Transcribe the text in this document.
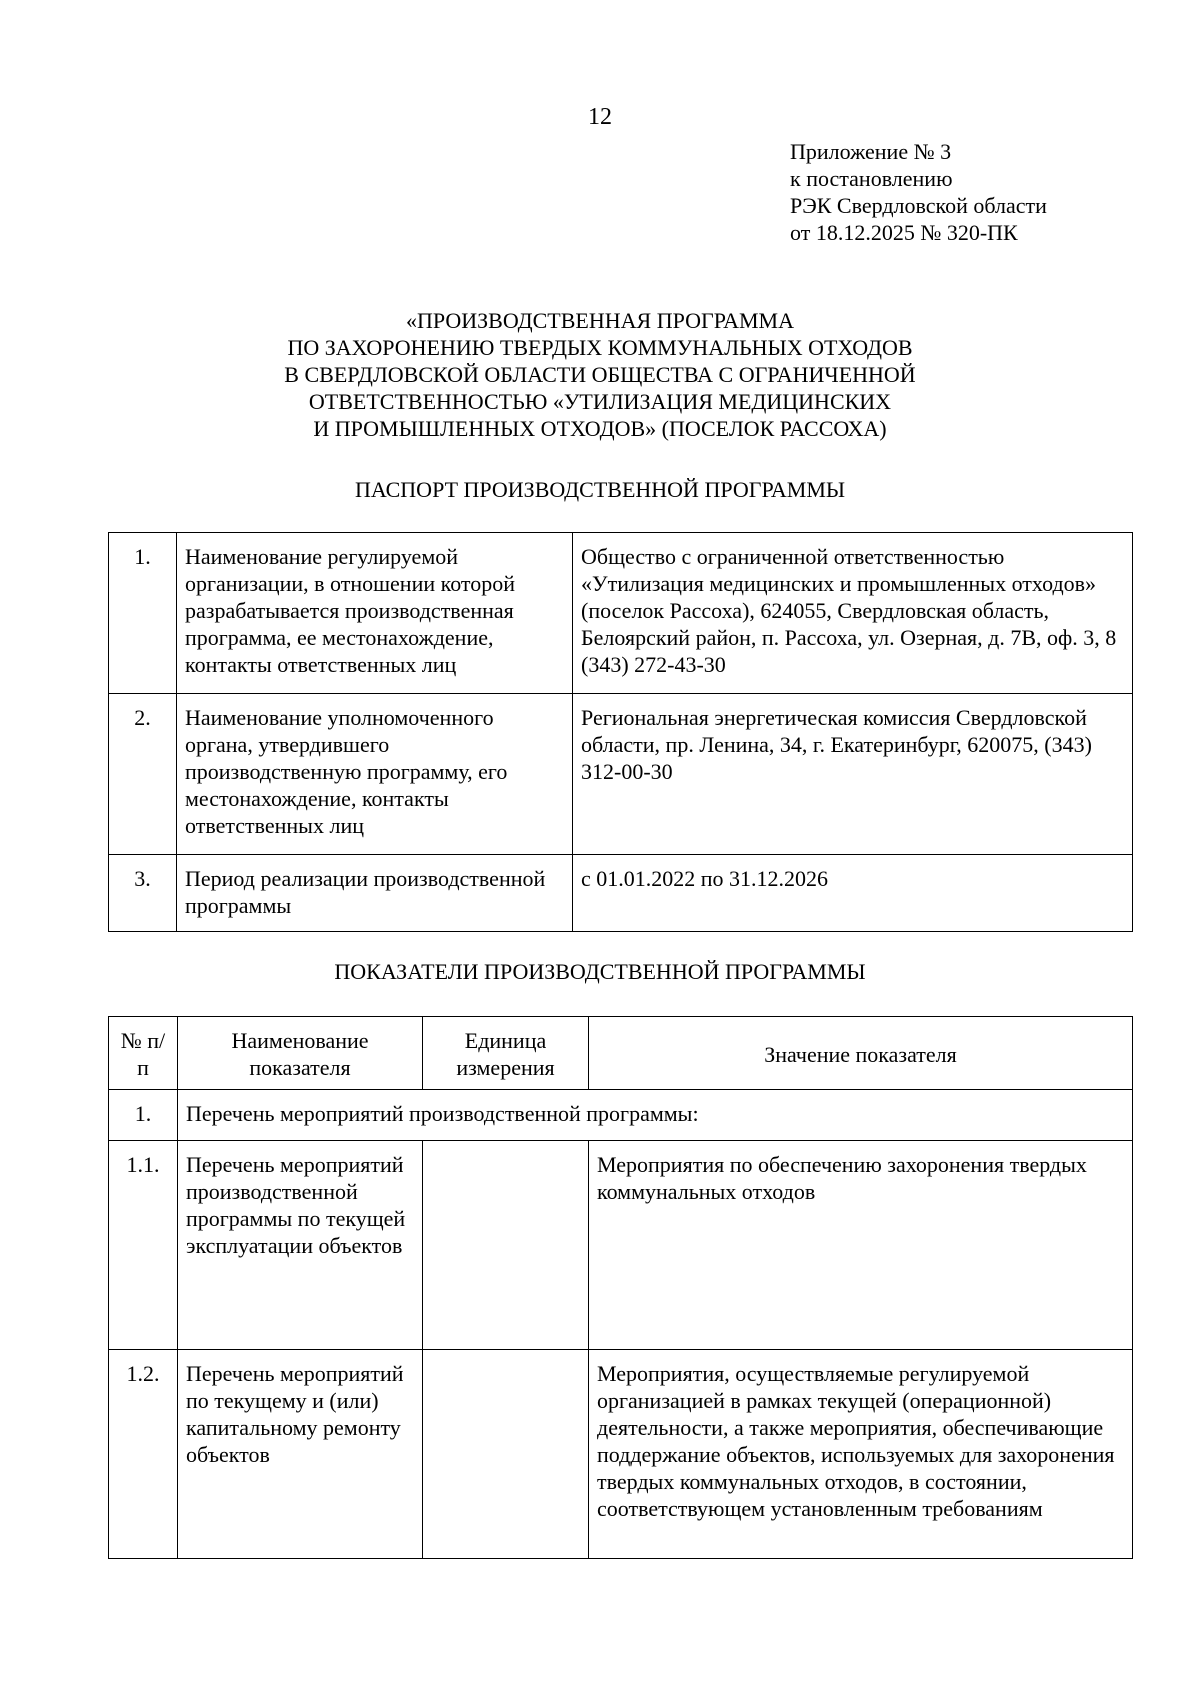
12
Приложение № 3
к постановлению
РЭК Свердловской области
от 18.12.2025 № 320-ПК
«ПРОИЗВОДСТВЕННАЯ ПРОГРАММА
ПО ЗАХОРОНЕНИЮ ТВЕРДЫХ КОММУНАЛЬНЫХ ОТХОДОВ
В СВЕРДЛОВСКОЙ ОБЛАСТИ ОБЩЕСТВА С ОГРАНИЧЕННОЙ
ОТВЕТСТВЕННОСТЬЮ «УТИЛИЗАЦИЯ МЕДИЦИНСКИХ
И ПРОМЫШЛЕННЫХ ОТХОДОВ» (ПОСЕЛОК РАССОХА)
ПАСПОРТ ПРОИЗВОДСТВЕННОЙ ПРОГРАММЫ
1.	Наименование регулируемой организации, в отношении которой разрабатывается производственная программа, ее местонахождение, контакты ответственных лиц	Общество с ограниченной ответственностью «Утилизация медицинских и промышленных отходов» (поселок Рассоха), 624055, Свердловская область, Белоярский район, п. Рассоха, ул. Озерная, д. 7В, оф. 3, 8 (343) 272-43-30
2.	Наименование уполномоченного органа, утвердившего производственную программу, его местонахождение, контакты ответственных лиц	Региональная энергетическая комиссия Свердловской области, пр. Ленина, 34, г. Екатеринбург, 620075, (343) 312-00-30
3.	Период реализации производственной программы	с 01.01.2022 по 31.12.2026
ПОКАЗАТЕЛИ ПРОИЗВОДСТВЕННОЙ ПРОГРАММЫ
№ п/п	Наименование показателя	Единица измерения	Значение показателя
1.	Перечень мероприятий производственной программы:		
1.1.	Перечень мероприятий производственной программы по текущей эксплуатации объектов		Мероприятия по обеспечению захоронения твердых коммунальных отходов
1.2.	Перечень мероприятий по текущему и (или) капитальному ремонту объектов		Мероприятия, осуществляемые регулируемой организацией в рамках текущей (операционной) деятельности, а также мероприятия, обеспечивающие поддержание объектов, используемых для захоронения твердых коммунальных отходов, в состоянии, соответствующем установленным требованиям
